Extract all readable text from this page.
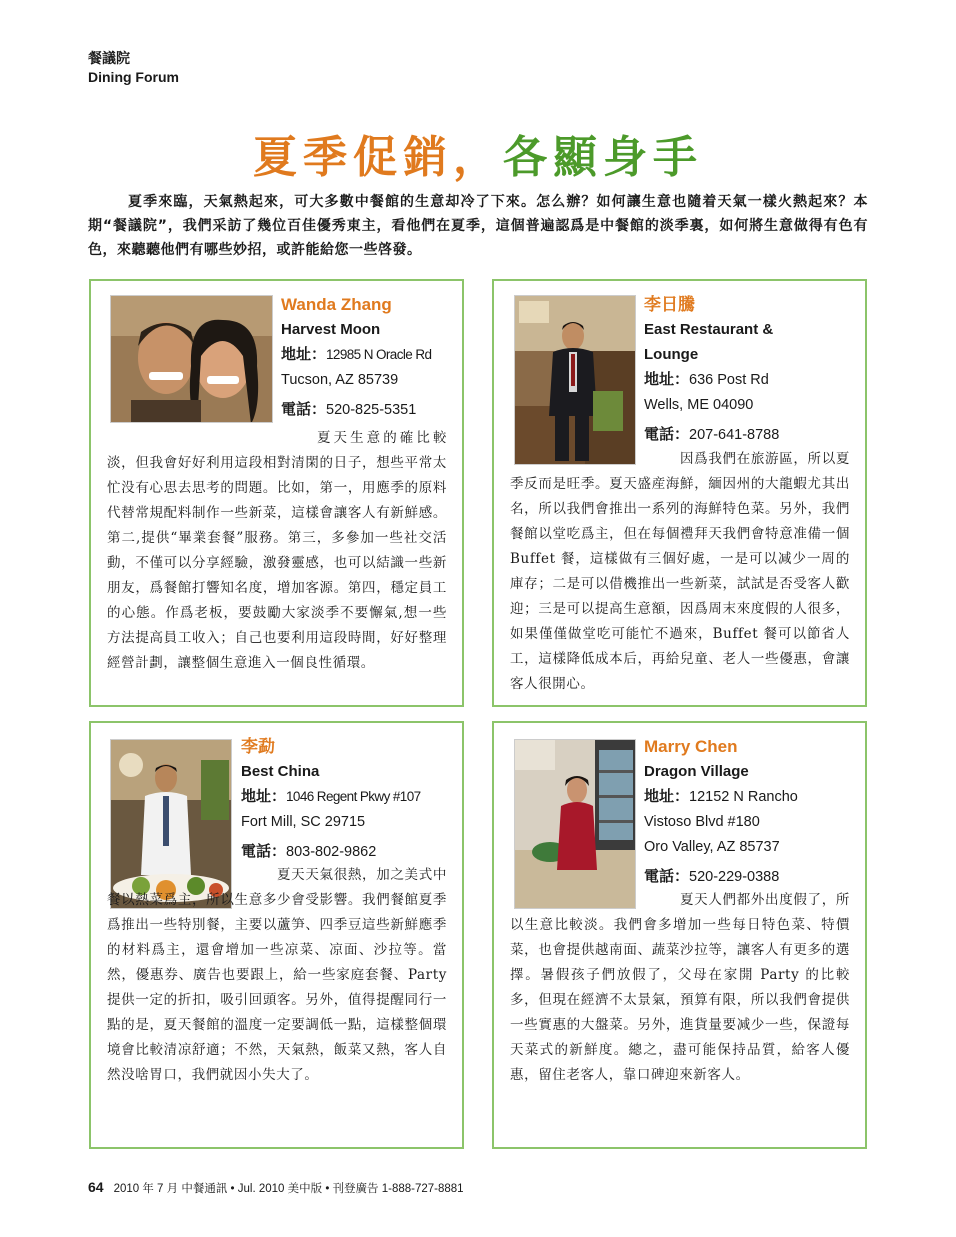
餐議院
Dining Forum
夏季促銷，各顯身手
夏季來臨，天氣熱起來，可大多數中餐館的生意却冷了下來。怎么辦？如何讓生意也隨着天氣一樣火熱起來？本期“餐議院”，我們采訪了幾位百佳優秀東主，看他們在夏季，這個普遍認爲是中餐館的淡季裏，如何將生意做得有色有色，來聽聽他們有哪些妙招，或許能給您一些啓發。
Wanda Zhang
Harvest Moon
地址：12985 N Oracle Rd
Tucson, AZ 85739
電話：520-825-5351
夏天生意的確比較淡，但我會好好利用這段相對清閑的日子，想些平常太忙没有心思去思考的問題。比如，第一，用應季的原料代替常規配料制作一些新菜，這樣會讓客人有新鮮感。第二,提供“畢業套餐”服務。第三，多參加一些社交活動，不僅可以分享經驗，激發靈感，也可以結識一些新朋友，爲餐館打響知名度，增加客源。第四，穩定員工的心態。作爲老板，要鼓勵大家淡季不要懈氣,想一些方法提高員工收入；自己也要利用這段時間，好好整理經營計劃，讓整個生意進入一個良性循環。
李日騰
East Restaurant & Lounge
地址：636 Post Rd
Wells, ME 04090
電話：207-641-8788
因爲我們在旅游區，所以夏季反而是旺季。夏天盛産海鮮，緬因州的大龍蝦尤其出名，所以我們會推出一系列的海鮮特色菜。另外，我們餐館以堂吃爲主，但在每個禮拜天我們會特意准備一個 Buffet 餐，這樣做有三個好處，一是可以减少一周的庫存；二是可以借機推出一些新菜，試試是否受客人歡迎；三是可以提高生意額，因爲周末來度假的人很多，如果僅僅做堂吃可能忙不過來，Buffet 餐可以節省人工，這樣降低成本后，再給兒童、老人一些優惠，會讓客人很開心。
李勐
Best China
地址：1046 Regent Pkwy #107
Fort Mill, SC 29715
電話：803-802-9862
夏天天氣很熱，加之美式中餐以熱菜爲主，所以生意多少會受影響。我們餐館夏季爲推出一些特別餐，主要以蘆笋、四季豆這些新鮮應季的材料爲主，還會增加一些凉菜、凉面、沙拉等。當然，優惠券、廣告也要跟上，給一些家庭套餐、Party 提供一定的折扣，吸引回頭客。另外，值得提醒同行一點的是，夏天餐館的溫度一定要調低一點，這樣整個環境會比較清凉舒適；不然，天氣熱，飯菜又熱，客人自然没啥胃口，我們就因小失大了。
Marry Chen
Dragon Village
地址：12152 N Rancho
Vistoso Blvd #180
Oro Valley, AZ 85737
電話：520-229-0388
夏天人們都外出度假了，所以生意比較淡。我們會多增加一些每日特色菜、特價菜，也會提供越南面、蔬菜沙拉等，讓客人有更多的選擇。暑假孩子們放假了，父母在家開 Party 的比較多，但現在經濟不太景氣，預算有限，所以我們會提供一些實惠的大盤菜。另外，進貨量要减少一些，保證每天菜式的新鮮度。總之，盡可能保持品質，給客人優惠，留住老客人，靠口碑迎來新客人。
64 2010 年 7 月 中餐通訊 • Jul. 2010 美中版 • 刊登廣告 1-888-727-8881
